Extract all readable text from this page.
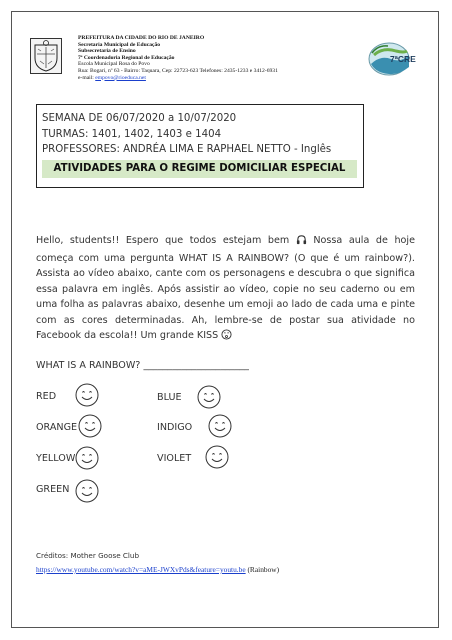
PREFEITURA DA CIDADE DO RIO DE JANEIRO
Secretaria Municipal de Educação
Subsecretaria de Ensino
7ª Coordenadoria Regional de Educação
Escola Municipal Rosa do Povo
Rua: Bogari, nº 63 - Bairro: Taquara, Cep: 22723-623 Telefones: 2435-1233 e 3412-6931
e-mail: empovo@rioeduca.net
7ªCRE
SEMANA DE 06/07/2020 a 10/07/2020
TURMAS: 1401, 1402, 1403 e 1404
PROFESSORES: ANDRÉA LIMA E RAPHAEL NETTO - Inglês
ATIVIDADES PARA O REGIME DOMICILIAR ESPECIAL
Hello, students!! Espero que todos estejam bem	Nossa aula de hoje começa com uma pergunta WHAT IS A RAINBOW? (O que é um rainbow?). Assista ao vídeo abaixo, cante com os personagens e descubra o que significa essa palavra em inglês. Após assistir ao vídeo, copie no seu caderno ou em uma folha as palavras abaixo, desenhe um emoji ao lado de cada uma e pinte com as cores determinadas. Ah, lembre-se de postar sua atividade no Facebook da escola!! Um grande KISS
WHAT IS A RAINBOW? ______________________
RED	BLUE
ORANGE	INDIGO
YELLOW	VIOLET
GREEN
Créditos: Mother Goose Club
https://www.youtube.com/watch?v=aME-JWXvPds&feature=youtu.be (Rainbow)
